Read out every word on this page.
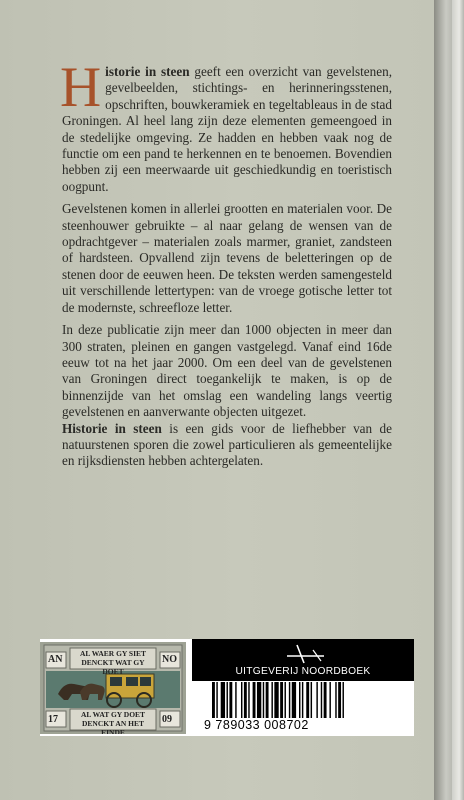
Historie in steen geeft een overzicht van gevelstenen, gevelbeelden, stichtings- en herinneringsstenen, opschriften, bouwkeramiek en tegeltableaus in de stad Groningen. Al heel lang zijn deze elementen gemeengoed in de stedelijke omgeving. Ze hadden en hebben vaak nog de functie om een pand te herkennen en te benoemen. Bovendien hebben zij een meerwaarde uit geschiedkundig en toeristisch oogpunt.

Gevelstenen komen in allerlei grootten en materialen voor. De steenhouwer gebruikte – al naar gelang de wensen van de opdrachtgever – materialen zoals marmer, graniet, zandsteen of hardsteen. Opvallend zijn tevens de beletteringen op de stenen door de eeuwen heen. De teksten werden samengesteld uit verschillende lettertypen: van de vroege gotische letter tot de modernste, schreefloze letter.

In deze publicatie zijn meer dan 1000 objecten in meer dan 300 straten, pleinen en gangen vastgelegd. Vanaf eind 16de eeuw tot na het jaar 2000. Om een deel van de gevelstenen van Groningen direct toegankelijk te maken, is op de binnenzijde van het omslag een wandeling langs veertig gevelstenen en aanverwante objecten uitgezet.

Historie in steen is een gids voor de liefhebber van de natuurstenen sporen die zowel particulieren als gemeentelijke en rijksdiensten hebben achtergelaten.

AN	NO
AL WAER GY SIET
DENCKT WAT GY DOET
17	09
AL WAT GY DOET
DENCKT AN HET EINDE
UITGEVERIJ NOORDBOEK
9 789033 008702
